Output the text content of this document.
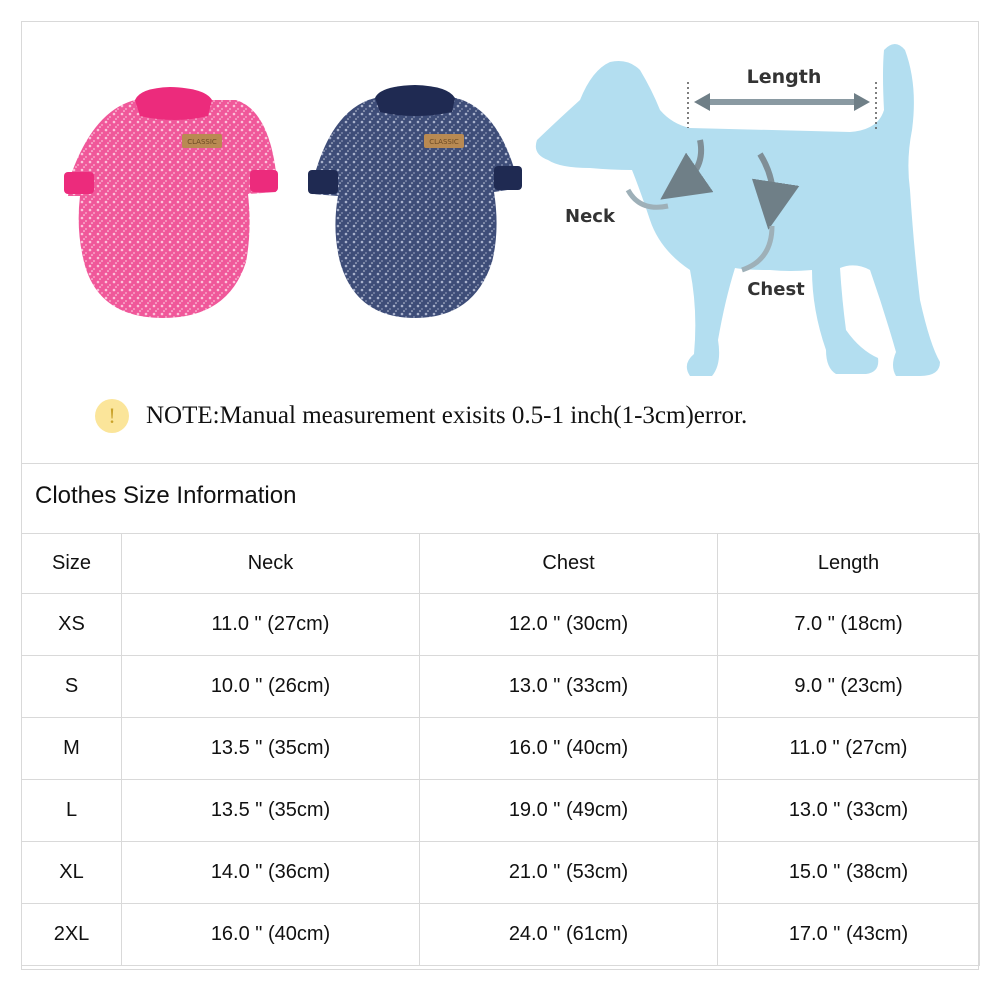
CLASSIC	CLASSIC
Length
Neck
Chest
!	NOTE:Manual measurement exisits 0.5-1 inch(1-3cm)error.
Clothes Size Information
Size	Neck	Chest	Length
XS	11.0 " (27cm)	12.0 " (30cm)	7.0 " (18cm)
S	10.0 " (26cm)	13.0 " (33cm)	9.0 " (23cm)
M	13.5 " (35cm)	16.0 " (40cm)	11.0 " (27cm)
L	13.5 " (35cm)	19.0 " (49cm)	13.0 " (33cm)
XL	14.0 " (36cm)	21.0 " (53cm)	15.0 " (38cm)
2XL	16.0 " (40cm)	24.0 " (61cm)	17.0 " (43cm)
